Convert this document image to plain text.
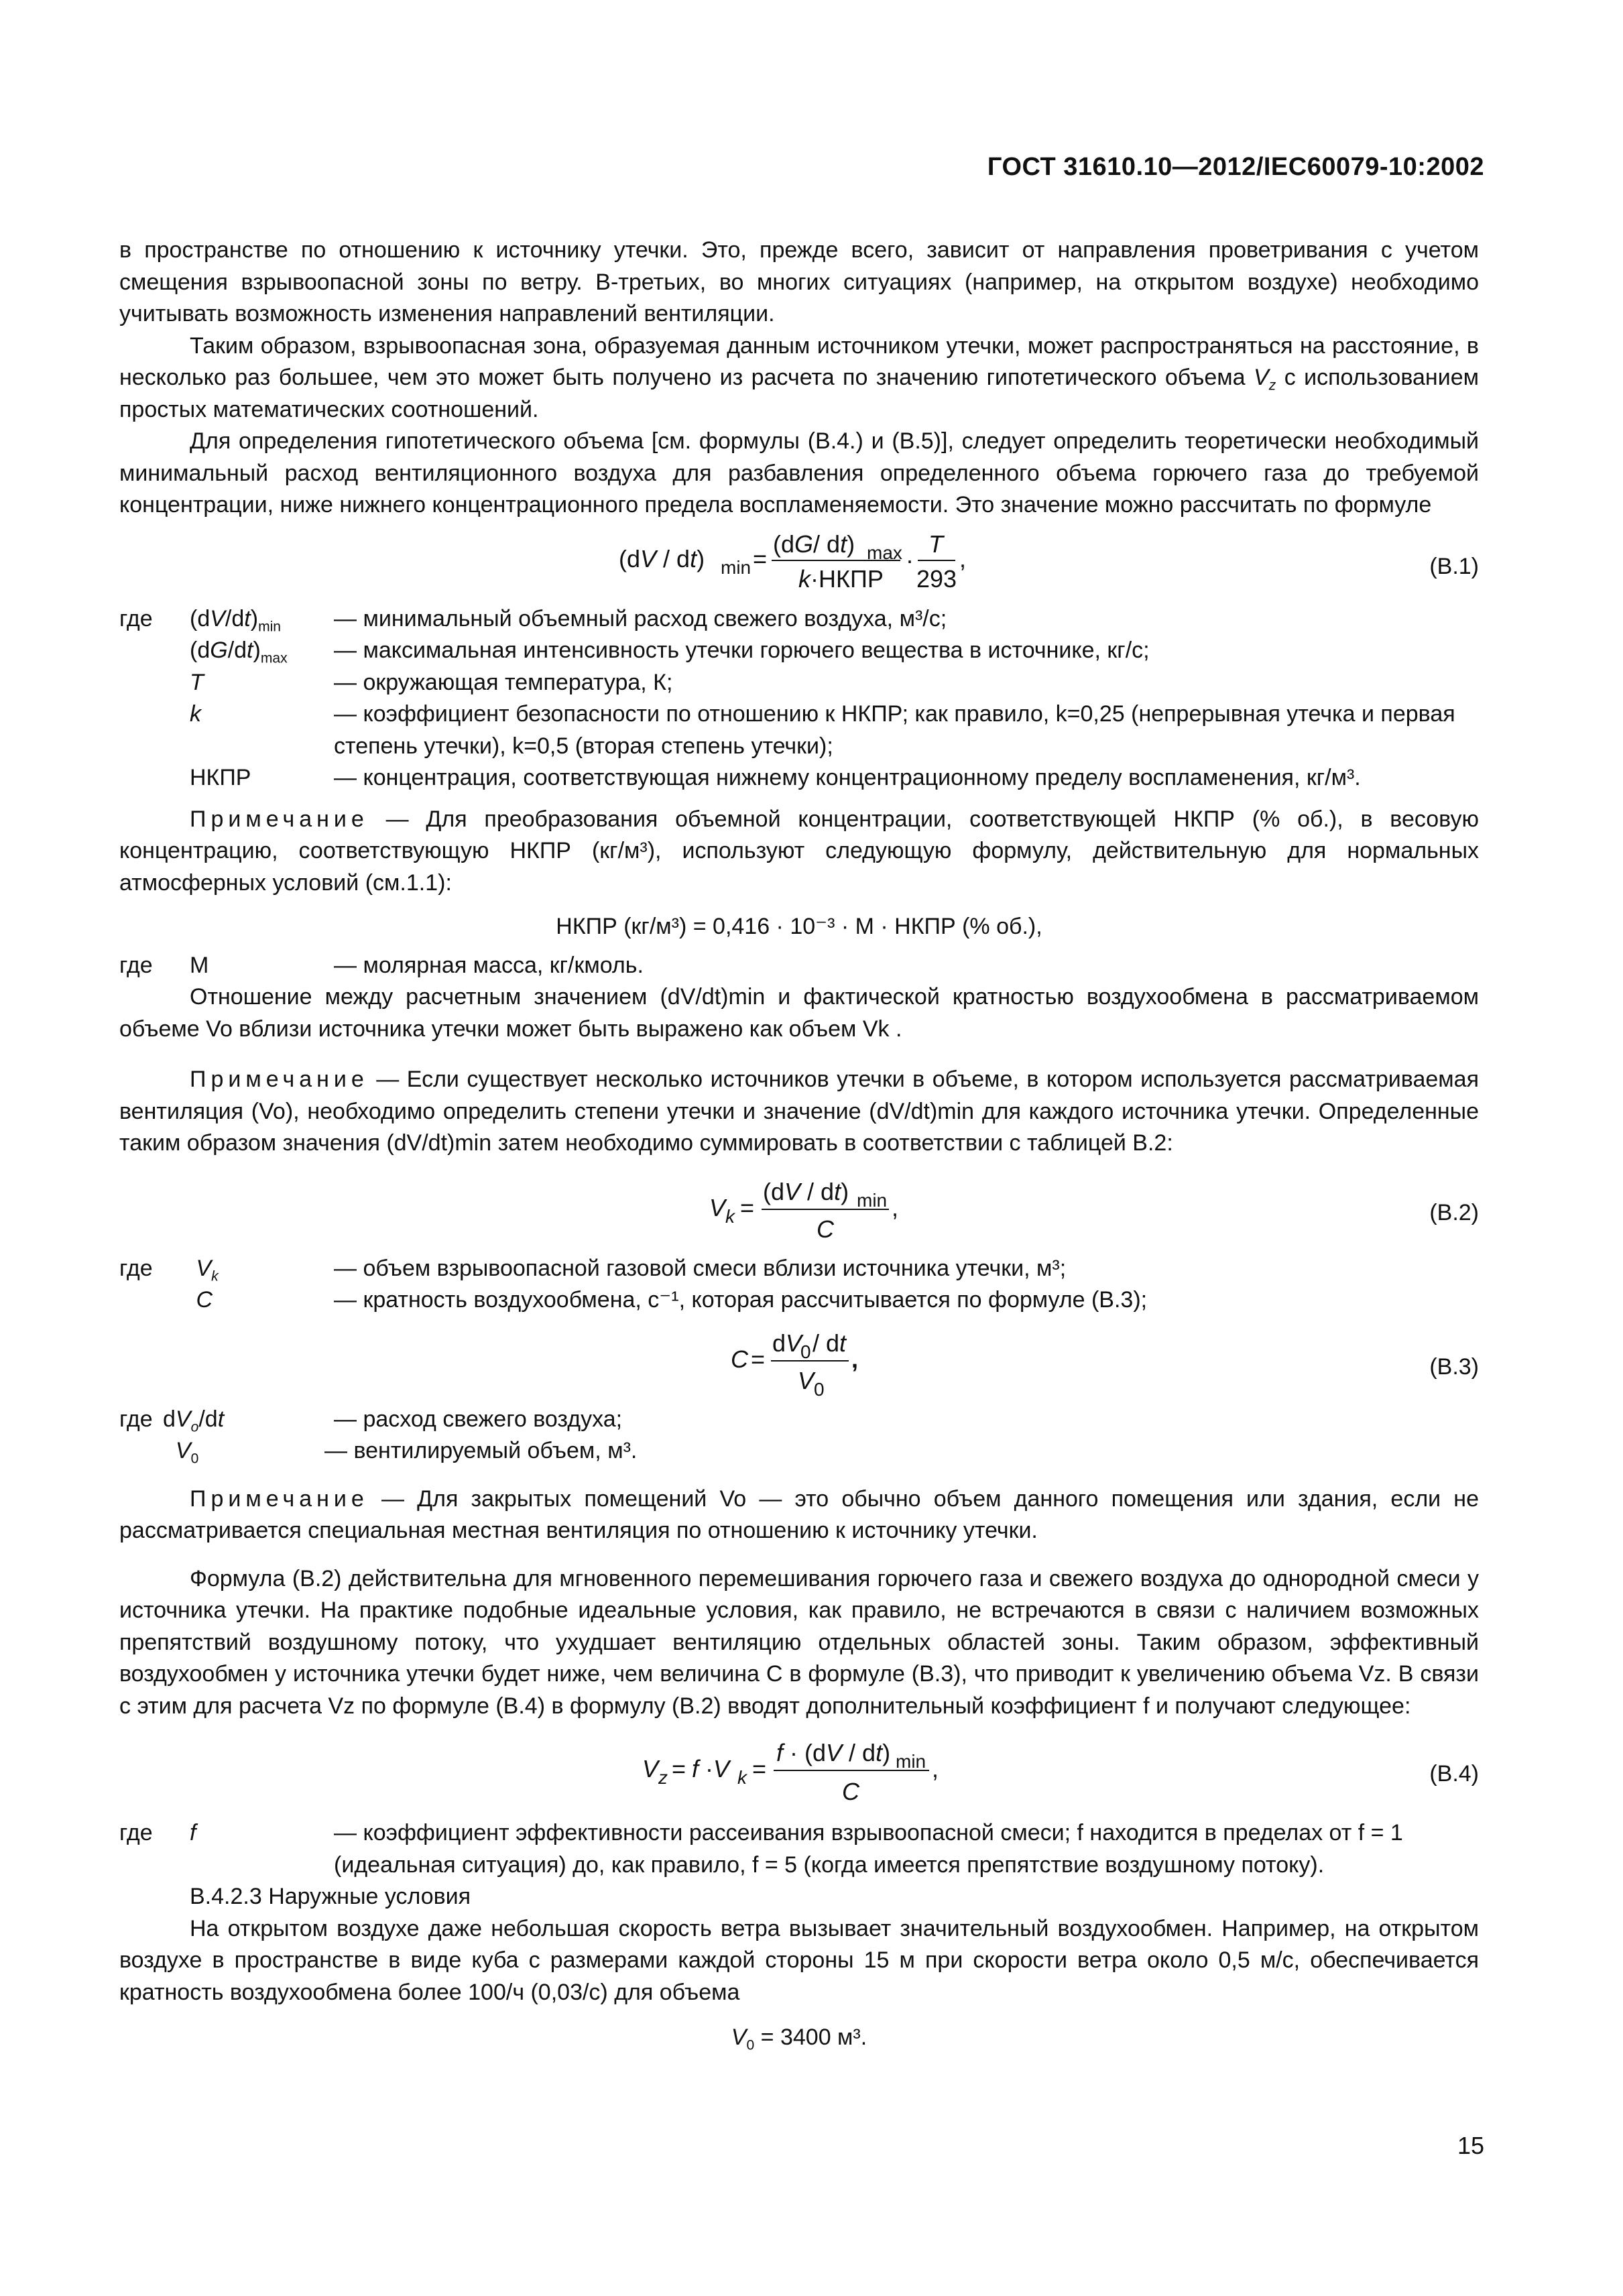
ГОСТ 31610.10—2012/IEC60079-10:2002

в пространстве по отношению к источнику утечки. Это, прежде всего, зависит от направления проветривания с учетом смещения взрывоопасной зоны по ветру. В-третьих, во многих ситуациях (например, на открытом воздухе) необходимо учитывать возможность изменения направлений вентиляции.

Таким образом, взрывоопасная зона, образуемая данным источником утечки, может распространяться на расстояние, в несколько раз большее, чем это может быть получено из расчета по значению гипотетического объема $V_z$ с использованием простых математических соотношений.

Для определения гипотетического объема [см. формулы (B.4.) и (B.5)], следует определить теоретически необходимый минимальный расход вентиляционного воздуха для разбавления определенного объема горючего газа до требуемой концентрации, ниже нижнего концентрационного предела воспламеняемости. Это значение можно рассчитать по формуле

(dV / dt) min =
(dG/ dt) max
k·НКПР
·
T
293
,	(В.1)
где	$(dV/dt)_{min}$	— минимальный объемный расход свежего воздуха, м³/с;
$(dG/dt)_{max}$	— максимальная интенсивность утечки горючего вещества в источнике, кг/с;
T	— окружающая температура, К;
k	— коэффициент безопасности по отношению к НКПР; как правило, k=0,25 (непрерывная утечка и первая степень утечки), k=0,5 (вторая степень утечки);
НКПР	— концентрация, соответствующая нижнему концентрационному пределу воспламенения, кг/м³.

Примечание — Для преобразования объемной концентрации, соответствующей НКПР (% об.), в весовую концентрацию, соответствующую НКПР (кг/м³), используют следующую формулу, действительную для нормальных атмосферных условий (см.1.1):

НКПР (кг/м³) = 0,416 · 10⁻³ · М · НКПР (% об.),
где	М	— молярная масса, кг/кмоль.

Отношение между расчетным значением (dV/dt)min и фактической кратностью воздухообмена в рассматриваемом объеме Vo вблизи источника утечки может быть выражено как объем Vk .

Примечание — Если существует несколько источников утечки в объеме, в котором используется рассматриваемая вентиляция (Vo), необходимо определить степени утечки и значение (dV/dt)min для каждого источника утечки. Определенные таким образом значения (dV/dt)min затем необходимо суммировать в соответствии с таблицей B.2:

V k =
(dV / dt) min
C
,	(В.2)
где	$V_k$	— объем взрывоопасной газовой смеси вблизи источника утечки, м³;
C	— кратность воздухообмена, с⁻¹, которая рассчитывается по формуле (В.3);
C =
dV
0 / dt
V 0
,	(В.3)
где $dV_o/dt$	— расход свежего воздуха;
$V_0$	— вентилируемый объем, м³.

Примечание — Для закрытых помещений Vo — это обычно объем данного помещения или здания, если не рассматривается специальная местная вентиляция по отношению к источнику утечки.

Формула (В.2) действительна для мгновенного перемешивания горючего газа и свежего воздуха до однородной смеси у источника утечки. На практике подобные идеальные условия, как правило, не встречаются в связи с наличием возможных препятствий воздушному потоку, что ухудшает вентиляцию отдельных областей зоны. Таким образом, эффективный воздухообмен у источника утечки будет ниже, чем величина С в формуле (В.3), что приводит к увеличению объема Vz. В связи с этим для расчета Vz по формуле (В.4) в формулу (В.2) вводят дополнительный коэффициент f и получают следующее:

V z = f ·V k =
f · (dV / dt) min
C
,	(В.4)
где	f	— коэффициент эффективности рассеивания взрывоопасной смеси; f находится в пределах от f = 1 (идеальная ситуация) до, как правило, f = 5 (когда имеется препятствие воздушному потоку).

В.4.2.3 Наружные условия

На открытом воздухе даже небольшая скорость ветра вызывает значительный воздухообмен. Например, на открытом воздухе в пространстве в виде куба с размерами каждой стороны 15 м при скорости ветра около 0,5 м/с, обеспечивается кратность воздухообмена более 100/ч (0,03/с) для объема

$V_0 = 3400$ м³.
15
